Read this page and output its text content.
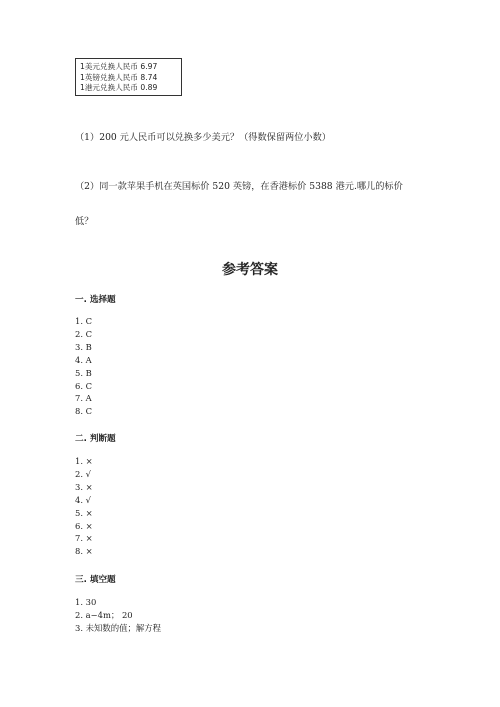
1美元兑换人民币 6.97
1英镑兑换人民币 8.74
1港元兑换人民币 0.89
（1）200 元人民币可以兑换多少美元？（得数保留两位小数）
（2）同一款苹果手机在英国标价 520 英镑，在香港标价 5388 港元.哪儿的标价
低？
参考答案
一. 选择题
1. C
2. C
3. B
4. A
5. B
6. C
7. A
8. C
二. 判断题
1. ×
2. √
3. ×
4. √
5. ×
6. ×
7. ×
8. ×
三. 填空题
1. 30
2. a−4m； 20
3. 未知数的值；解方程
